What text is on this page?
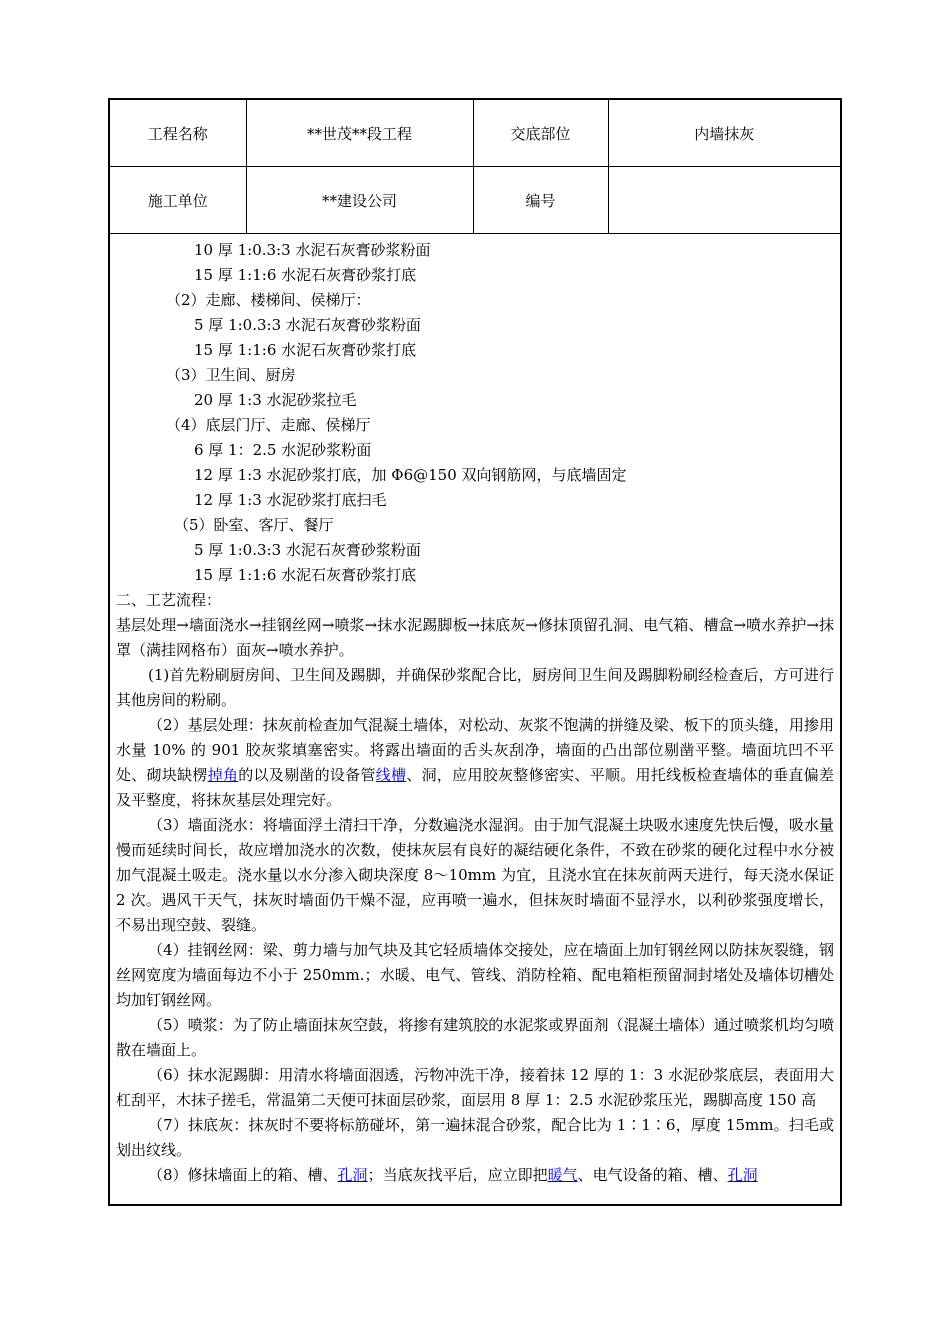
工程名称	**世茂**段工程	交底部位	内墙抹灰
施工单位	**建设公司	编号	
10 厚 1:0.3:3 水泥石灰膏砂浆粉面
15 厚 1:1:6 水泥石灰膏砂浆打底
（2）走廊、楼梯间、侯梯厅：
5 厚 1:0.3:3 水泥石灰膏砂浆粉面
15 厚 1:1:6 水泥石灰膏砂浆打底
（3）卫生间、厨房
20 厚 1:3 水泥砂浆拉毛
（4）底层门厅、走廊、侯梯厅
6 厚 1：2.5 水泥砂浆粉面
12 厚 1:3 水泥砂浆打底，加 Φ6@150 双向钢筋网，与底墙固定
12 厚 1:3 水泥砂浆打底扫毛
（5）卧室、客厅、餐厅
5 厚 1:0.3:3 水泥石灰膏砂浆粉面
15 厚 1:1:6 水泥石灰膏砂浆打底
二、工艺流程：
基层处理→墙面浇水→挂钢丝网→喷浆→抹水泥踢脚板→抹底灰→修抹顶留孔洞、电气箱、槽盒→喷水养护→抹罩（满挂网格布）面灰→喷水养护。
(1)首先粉刷厨房间、卫生间及踢脚，并确保砂浆配合比，厨房间卫生间及踢脚粉刷经检查后，方可进行其他房间的粉刷。
（2）基层处理：抹灰前检查加气混凝土墙体，对松动、灰浆不饱满的拼缝及梁、板下的顶头缝，用掺用水量 10% 的 901 胶灰浆填塞密实。将露出墙面的舌头灰刮净，墙面的凸出部位剔凿平整。墙面坑凹不平处、砌块缺楞掉角的以及剔凿的设备管线槽、洞，应用胶灰整修密实、平顺。用托线板检查墙体的垂直偏差及平整度，将抹灰基层处理完好。
（3）墙面浇水：将墙面浮土清扫干净，分数遍浇水湿润。由于加气混凝土块吸水速度先快后慢，吸水量慢而延续时间长，故应增加浇水的次数，使抹灰层有良好的凝结硬化条件，不致在砂浆的硬化过程中水分被加气混凝土吸走。浇水量以水分渗入砌块深度 8～10mm 为宜，且浇水宜在抹灰前两天进行，每天浇水保证 2 次。遇风干天气，抹灰时墙面仍干燥不湿，应再喷一遍水，但抹灰时墙面不显浮水，以利砂浆强度增长，不易出现空鼓、裂缝。
（4）挂钢丝网：梁、剪力墙与加气块及其它轻质墙体交接处，应在墙面上加钉钢丝网以防抹灰裂缝，钢丝网宽度为墙面每边不小于 250mm.；水暖、电气、管线、消防栓箱、配电箱柜预留洞封堵处及墙体切槽处均加钉钢丝网。
（5）喷浆：为了防止墙面抹灰空鼓，将掺有建筑胶的水泥浆或界面剂（混凝土墙体）通过喷浆机均匀喷散在墙面上。
（6）抹水泥踢脚：用清水将墙面洇透，污物冲洗干净，接着抹 12 厚的 1：3 水泥砂浆底层，表面用大杠刮平，木抹子搓毛，常温第二天便可抹面层砂浆，面层用 8 厚 1：2.5 水泥砂浆压光，踢脚高度 150 高
（7）抹底灰：抹灰时不要将标筋碰坏，第一遍抹混合砂浆，配合比为 1∶1∶6，厚度 15mm。扫毛或划出纹线。
（8）修抹墙面上的箱、槽、孔洞；当底灰找平后，应立即把暖气、电气设备的箱、槽、孔洞
